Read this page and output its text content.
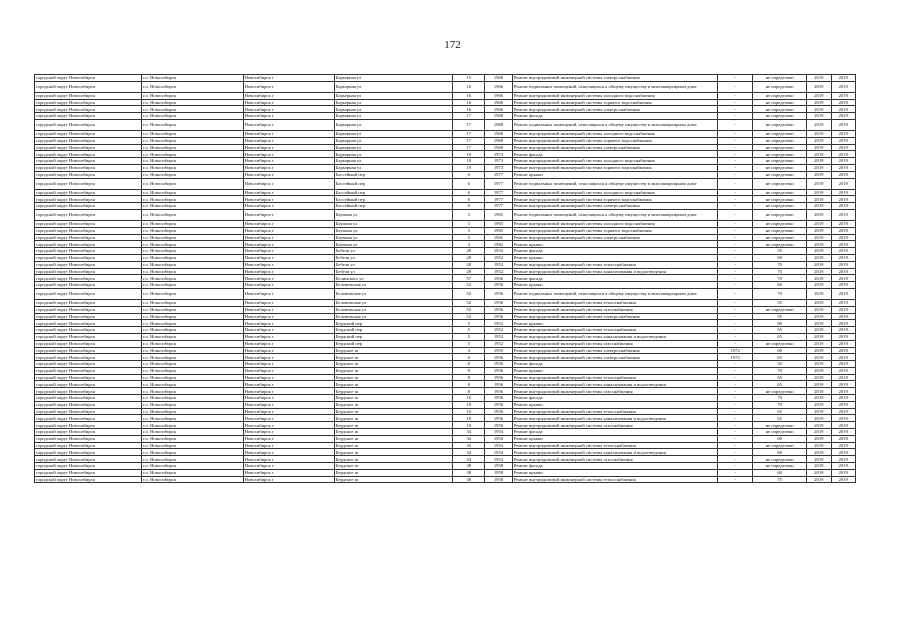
172
городской округ Новосибирск	г.о. Новосибирск	Новосибирск г	Барьерная ул	15	1968	Ремонт внутридомовой инженерной системы электроснабжения	-	не определено	2019	2019
городской округ Новосибирск	г.о. Новосибирск	Новосибирск г	Барьерная ул	16	1966	Ремонт подвальных помещений, относящихся к общему имуществу в многоквартирном доме	-	не определено	2019	2019
городской округ Новосибирск	г.о. Новосибирск	Новосибирск г	Барьерная ул	16	1966	Ремонт внутридомовой инженерной системы холодного водоснабжения	-	не определено	2019	2019
городской округ Новосибирск	г.о. Новосибирск	Новосибирск г	Барьерная ул	16	1966	Ремонт внутридомовой инженерной системы горячего водоснабжения	-	не определено	2019	2019
городской округ Новосибирск	г.о. Новосибирск	Новосибирск г	Барьерная ул	16	1966	Ремонт внутридомовой инженерной системы электроснабжения	-	не определено	2019	2019
городской округ Новосибирск	г.о. Новосибирск	Новосибирск г	Барьерная ул	17	1968	Ремонт фасада	-	не определено	2019	2019
городской округ Новосибирск	г.о. Новосибирск	Новосибирск г	Барьерная ул	17	1968	Ремонт подвальных помещений, относящихся к общему имуществу в многоквартирном доме	-	не определено	2019	2019
городской округ Новосибирск	г.о. Новосибирск	Новосибирск г	Барьерная ул	17	1968	Ремонт внутридомовой инженерной системы холодного водоснабжения	-	не определено	2019	2019
городской округ Новосибирск	г.о. Новосибирск	Новосибирск г	Барьерная ул	17	1968	Ремонт внутридомовой инженерной системы горячего водоснабжения	-	не определено	2019	2019
городской округ Новосибирск	г.о. Новосибирск	Новосибирск г	Барьерная ул	17	1968	Ремонт внутридомовой инженерной системы электроснабжения	-	не определено	2019	2019
городской округ Новосибирск	г.о. Новосибирск	Новосибирск г	Барьерная ул	19	1973	Ремонт фасада	-	не определено	2019	2019
городской округ Новосибирск	г.о. Новосибирск	Новосибирск г	Барьерная ул	19	1973	Ремонт внутридомовой инженерной системы холодного водоснабжения	-	не определено	2019	2019
городской округ Новосибирск	г.о. Новосибирск	Новосибирск г	Барьерная ул	19	1973	Ремонт внутридомовой инженерной системы горячего водоснабжения	-	не определено	2019	2019
городской округ Новосибирск	г.о. Новосибирск	Новосибирск г	Бассейный пер	6	1977	Ремонт крыши	-	не определено	2019	2019
городской округ Новосибирск	г.о. Новосибирск	Новосибирск г	Бассейный пер	6	1977	Ремонт подвальных помещений, относящихся к общему имуществу в многоквартирном доме	-	не определено	2019	2019
городской округ Новосибирск	г.о. Новосибирск	Новосибирск г	Бассейный пер	6	1977	Ремонт внутридомовой инженерной системы холодного водоснабжения	-	не определено	2019	2019
городской округ Новосибирск	г.о. Новосибирск	Новосибирск г	Бассейный пер	6	1977	Ремонт внутридомовой инженерной системы горячего водоснабжения	-	не определено	2019	2019
городской округ Новосибирск	г.о. Новосибирск	Новосибирск г	Бассейный пер	6	1977	Ремонт внутридомовой инженерной системы электроснабжения	-	не определено	2019	2019
городской округ Новосибирск	г.о. Новосибирск	Новосибирск г	Баумана ул	3	1965	Ремонт подвальных помещений, относящихся к общему имуществу в многоквартирном доме	-	не определено	2019	2019
городской округ Новосибирск	г.о. Новосибирск	Новосибирск г	Баумана ул	3	1965	Ремонт внутридомовой инженерной системы холодного водоснабжения	-	не определено	2019	2019
городской округ Новосибирск	г.о. Новосибирск	Новосибирск г	Баумана ул	3	1965	Ремонт внутридомовой инженерной системы горячего водоснабжения	-	не определено	2019	2019
городской округ Новосибирск	г.о. Новосибирск	Новосибирск г	Баумана ул	3	1965	Ремонт внутридомовой инженерной системы электроснабжения	-	не определено	2019	2019
городской округ Новосибирск	г.о. Новосибирск	Новосибирск г	Баумана ул	4	1982	Ремонт крыши	-	не определено	2019	2019
городской округ Новосибирск	г.о. Новосибирск	Новосибирск г	Бебеля ул	28	1952	Ремонт фасада	-	55	2019	2019
городской округ Новосибирск	г.о. Новосибирск	Новосибирск г	Бебеля ул	28	1952	Ремонт крыши	-	60	2019	2019
городской округ Новосибирск	г.о. Новосибирск	Новосибирск г	Бебеля ул	28	1952	Ремонт внутридомовой инженерной системы теплоснабжения	-	70	2019	2019
городской округ Новосибирск	г.о. Новосибирск	Новосибирск г	Бебеля ул	28	1952	Ремонт внутридомовой инженерной системы канализования и водоотведения	-	70	2019	2019
городской округ Новосибирск	г.о. Новосибирск	Новосибирск г	Белинского ул	57	1956	Ремонт фасада	-	70	2019	2019
городской округ Новосибирск	г.о. Новосибирск	Новосибирск г	Беловежская ул	52	1956	Ремонт крыши	-	60	2019	2019
городской округ Новосибирск	г.о. Новосибирск	Новосибирск г	Беловежская ул	52	1956	Ремонт подвальных помещений, относящихся к общему имуществу в многоквартирном доме	-	70	2019	2019
городской округ Новосибирск	г.о. Новосибирск	Новосибирск г	Беловежская ул	52	1956	Ремонт внутридомовой инженерной системы теплоснабжения	-	55	2019	2019
городской округ Новосибирск	г.о. Новосибирск	Новосибирск г	Беловежская ул	52	1956	Ремонт внутридомовой инженерной системы газоснабжения	-	не определено	2019	2019
городской округ Новосибирск	г.о. Новосибирск	Новосибирск г	Беловежская ул	52	1956	Ремонт внутридомовой инженерной системы электроснабжения	-	55	2019	2019
городской округ Новосибирск	г.о. Новосибирск	Новосибирск г	Бердский пер	5	1952	Ремонт крыши	-	80	2019	2019
городской округ Новосибирск	г.о. Новосибирск	Новосибирск г	Бердский пер	5	1952	Ремонт внутридомовой инженерной системы теплоснабжения	-	65	2019	2019
городской округ Новосибирск	г.о. Новосибирск	Новосибирск г	Бердский пер	5	1952	Ремонт внутридомовой инженерной системы канализования и водоотведения	-	65	2019	2019
городской округ Новосибирск	г.о. Новосибирск	Новосибирск г	Бердский пер	5	1952	Ремонт внутридомовой инженерной системы газоснабжения	-	не определено	2019	2019
городской округ Новосибирск	г.о. Новосибирск	Новосибирск г	Бердское ш	4	1955	Ремонт внутридомовой инженерной системы электроснабжения	1972	60	2019	2019
городской округ Новосибирск	г.о. Новосибирск	Новосибирск г	Бердское ш	6	1956	Ремонт внутридомовой инженерной системы электроснабжения	1972	65	2019	2019
городской округ Новосибирск	г.о. Новосибирск	Новосибирск г	Бердское ш	8	1956	Ремонт фасада	-	50	2019	2019
городской округ Новосибирск	г.о. Новосибирск	Новосибирск г	Бердское ш	8	1956	Ремонт крыши	-	70	2019	2019
городской округ Новосибирск	г.о. Новосибирск	Новосибирск г	Бердское ш	8	1956	Ремонт внутридомовой инженерной системы теплоснабжения	-	65	2019	2019
городской округ Новосибирск	г.о. Новосибирск	Новосибирск г	Бердское ш	8	1956	Ремонт внутридомовой инженерной системы канализования и водоотведения	-	65	2019	2019
городской округ Новосибирск	г.о. Новосибирск	Новосибирск г	Бердское ш	8	1956	Ремонт внутридомовой инженерной системы газоснабжения	-	не определено	2019	2019
городской округ Новосибирск	г.о. Новосибирск	Новосибирск г	Бердское ш	10	1956	Ремонт фасада	-	70	2019	2019
городской округ Новосибирск	г.о. Новосибирск	Новосибирск г	Бердское ш	10	1956	Ремонт крыши	-	70	2019	2019
городской округ Новосибирск	г.о. Новосибирск	Новосибирск г	Бердское ш	10	1956	Ремонт внутридомовой инженерной системы теплоснабжения	-	65	2019	2019
городской округ Новосибирск	г.о. Новосибирск	Новосибирск г	Бердское ш	10	1956	Ремонт внутридомовой инженерной системы канализования и водоотведения	-	65	2019	2019
городской округ Новосибирск	г.о. Новосибирск	Новосибирск г	Бердское ш	10	1956	Ремонт внутридомовой инженерной системы газоснабжения	-	не определено	2019	2019
городской округ Новосибирск	г.о. Новосибирск	Новосибирск г	Бердское ш	34	1954	Ремонт фасада	-	не определено	2019	2019
городской округ Новосибирск	г.о. Новосибирск	Новосибирск г	Бердское ш	34	1954	Ремонт крыши	-	60	2019	2019
городской округ Новосибирск	г.о. Новосибирск	Новосибирск г	Бердское ш	34	1954	Ремонт внутридомовой инженерной системы теплоснабжения	-	не определено	2019	2019
городской округ Новосибирск	г.о. Новосибирск	Новосибирск г	Бердское ш	34	1954	Ремонт внутридомовой инженерной системы канализования и водоотведения	-	60	2019	2019
городской округ Новосибирск	г.о. Новосибирск	Новосибирск г	Бердское ш	34	1954	Ремонт внутридомовой инженерной системы газоснабжения	-	не определено	2019	2019
городской округ Новосибирск	г.о. Новосибирск	Новосибирск г	Бердское ш	38	1958	Ремонт фасада	-	не определено	2019	2019
городской округ Новосибирск	г.о. Новосибирск	Новосибирск г	Бердское ш	38	1958	Ремонт крыши	-	60	2019	2019
городской округ Новосибирск	г.о. Новосибирск	Новосибирск г	Бердское ш	38	1958	Ремонт внутридомовой инженерной системы теплоснабжения	-	75	2019	2019
